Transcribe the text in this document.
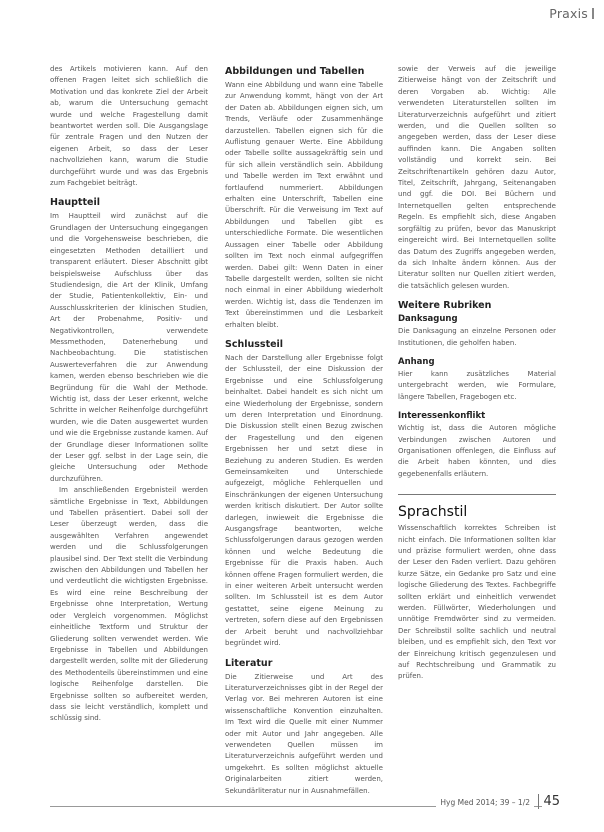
Praxis

des Artikels motivieren kann. Auf den offenen Fragen leitet sich schließlich die Motivation und das konkrete Ziel der Arbeit ab, warum die Untersuchung gemacht wurde und welche Fragestellung damit beantwortet werden soll. Die Ausgangslage für zentrale Fragen und den Nutzen der eigenen Arbeit, so dass der Leser nachvollziehen kann, warum die Studie durchgeführt wurde und was das Ergebnis zum Fachgebiet beiträgt.

Hauptteil

Im Hauptteil wird zunächst auf die Grundlagen der Untersuchung eingegangen und die Vorgehensweise beschrieben, die eingesetzten Methoden detailliert und transparent erläutert. Dieser Abschnitt gibt beispielsweise Aufschluss über das Studiendesign, die Art der Klinik, Umfang der Studie, Patientenkollektiv, Ein- und Ausschlusskriterien der klinischen Studien, Art der Probenahme, Positiv- und Negativkontrollen, verwendete Messmethoden, Datenerhebung und Nachbeobachtung. Die statistischen Auswerteverfahren die zur Anwendung kamen, werden ebenso beschrieben wie die Begründung für die Wahl der Methode. Wichtig ist, dass der Leser erkennt, welche Schritte in welcher Reihenfolge durchgeführt wurden, wie die Daten ausgewertet wurden und wie die Ergebnisse zustande kamen. Auf der Grundlage dieser Informationen sollte der Leser ggf. selbst in der Lage sein, die gleiche Untersuchung oder Methode durchzuführen.

Im anschließenden Ergebnisteil werden sämtliche Ergebnisse in Text, Abbildungen und Tabellen präsentiert. Dabei soll der Leser überzeugt werden, dass die ausgewählten Verfahren angewendet werden und die Schlussfolgerungen plausibel sind. Der Text stellt die Verbindung zwischen den Abbildungen und Tabellen her und verdeutlicht die wichtigsten Ergebnisse. Es wird eine reine Beschreibung der Ergebnisse ohne Interpretation, Wertung oder Vergleich vorgenommen. Möglichst einheitliche Textform und Struktur der Gliederung sollten verwendet werden. Wie Ergebnisse in Tabellen und Abbildungen dargestellt werden, sollte mit der Gliederung des Methodenteils übereinstimmen und eine logische Reihenfolge darstellen. Die Ergebnisse sollten so aufbereitet werden, dass sie leicht verständlich, komplett und schlüssig sind.

Abbildungen und Tabellen

Wann eine Abbildung und wann eine Tabelle zur Anwendung kommt, hängt von der Art der Daten ab. Abbildungen eignen sich, um Trends, Verläufe oder Zusammenhänge darzustellen. Tabellen eignen sich für die Auflistung genauer Werte. Eine Abbildung oder Tabelle sollte aussagekräftig sein und für sich allein verständlich sein. Abbildung und Tabelle werden im Text erwähnt und fortlaufend nummeriert. Abbildungen erhalten eine Unterschrift, Tabellen eine Überschrift. Für die Verweisung im Text auf Abbildungen und Tabellen gibt es unterschiedliche Formate. Die wesentlichen Aussagen einer Tabelle oder Abbildung sollten im Text noch einmal aufgegriffen werden. Dabei gilt: Wenn Daten in einer Tabelle dargestellt werden, sollten sie nicht noch einmal in einer Abbildung wiederholt werden. Wichtig ist, dass die Tendenzen im Text übereinstimmen und die Lesbarkeit erhalten bleibt.

Schlussteil

Nach der Darstellung aller Ergebnisse folgt der Schlussteil, der eine Diskussion der Ergebnisse und eine Schlussfolgerung beinhaltet. Dabei handelt es sich nicht um eine Wiederholung der Ergebnisse, sondern um deren Interpretation und Einordnung. Die Diskussion stellt einen Bezug zwischen der Fragestellung und den eigenen Ergebnissen her und setzt diese in Beziehung zu anderen Studien. Es werden Gemeinsamkeiten und Unterschiede aufgezeigt, mögliche Fehlerquellen und Einschränkungen der eigenen Untersuchung werden kritisch diskutiert. Der Autor sollte darlegen, inwieweit die Ergebnisse die Ausgangsfrage beantworten, welche Schlussfolgerungen daraus gezogen werden können und welche Bedeutung die Ergebnisse für die Praxis haben. Auch können offene Fragen formuliert werden, die in einer weiteren Arbeit untersucht werden sollten. Im Schlussteil ist es dem Autor gestattet, seine eigene Meinung zu vertreten, sofern diese auf den Ergebnissen der Arbeit beruht und nachvollziehbar begründet wird.

Literatur

Die Zitierweise und Art des Literaturverzeichnisses gibt in der Regel der Verlag vor. Bei mehreren Autoren ist eine wissenschaftliche Konvention einzuhalten. Im Text wird die Quelle mit einer Nummer oder mit Autor und Jahr angegeben. Alle verwendeten Quellen müssen im Literaturverzeichnis aufgeführt werden und umgekehrt. Es sollten möglichst aktuelle Originalarbeiten zitiert werden, Sekundärliteratur nur in Ausnahmefällen.

sowie der Verweis auf die jeweilige Zitierweise hängt von der Zeitschrift und deren Vorgaben ab. Wichtig: Alle verwendeten Literaturstellen sollten im Literaturverzeichnis aufgeführt und zitiert werden, und die Quellen sollten so angegeben werden, dass der Leser diese auffinden kann. Die Angaben sollten vollständig und korrekt sein. Bei Zeitschriftenartikeln gehören dazu Autor, Titel, Zeitschrift, Jahrgang, Seitenangaben und ggf. die DOI. Bei Büchern und Internetquellen gelten entsprechende Regeln. Es empfiehlt sich, diese Angaben sorgfältig zu prüfen, bevor das Manuskript eingereicht wird. Bei Internetquellen sollte das Datum des Zugriffs angegeben werden, da sich Inhalte ändern können. Aus der Literatur sollten nur Quellen zitiert werden, die tatsächlich gelesen wurden.

Weitere Rubriken
Danksagung

Die Danksagung an einzelne Personen oder Institutionen, die geholfen haben.

Anhang

Hier kann zusätzliches Material untergebracht werden, wie Formulare, längere Tabellen, Fragebogen etc.

Interessenkonflikt

Wichtig ist, dass die Autoren mögliche Verbindungen zwischen Autoren und Organisationen offenlegen, die Einfluss auf die Arbeit haben könnten, und dies gegebenenfalls erläutern.

Sprachstil

Wissenschaftlich korrektes Schreiben ist nicht einfach. Die Informationen sollten klar und präzise formuliert werden, ohne dass der Leser den Faden verliert. Dazu gehören kurze Sätze, ein Gedanke pro Satz und eine logische Gliederung des Textes. Fachbegriffe sollten erklärt und einheitlich verwendet werden. Füllwörter, Wiederholungen und unnötige Fremdwörter sind zu vermeiden. Der Schreibstil sollte sachlich und neutral bleiben, und es empfiehlt sich, den Text vor der Einreichung kritisch gegenzulesen und auf Rechtschreibung und Grammatik zu prüfen.

Hyg Med 2014; 39 – 1/2	45
